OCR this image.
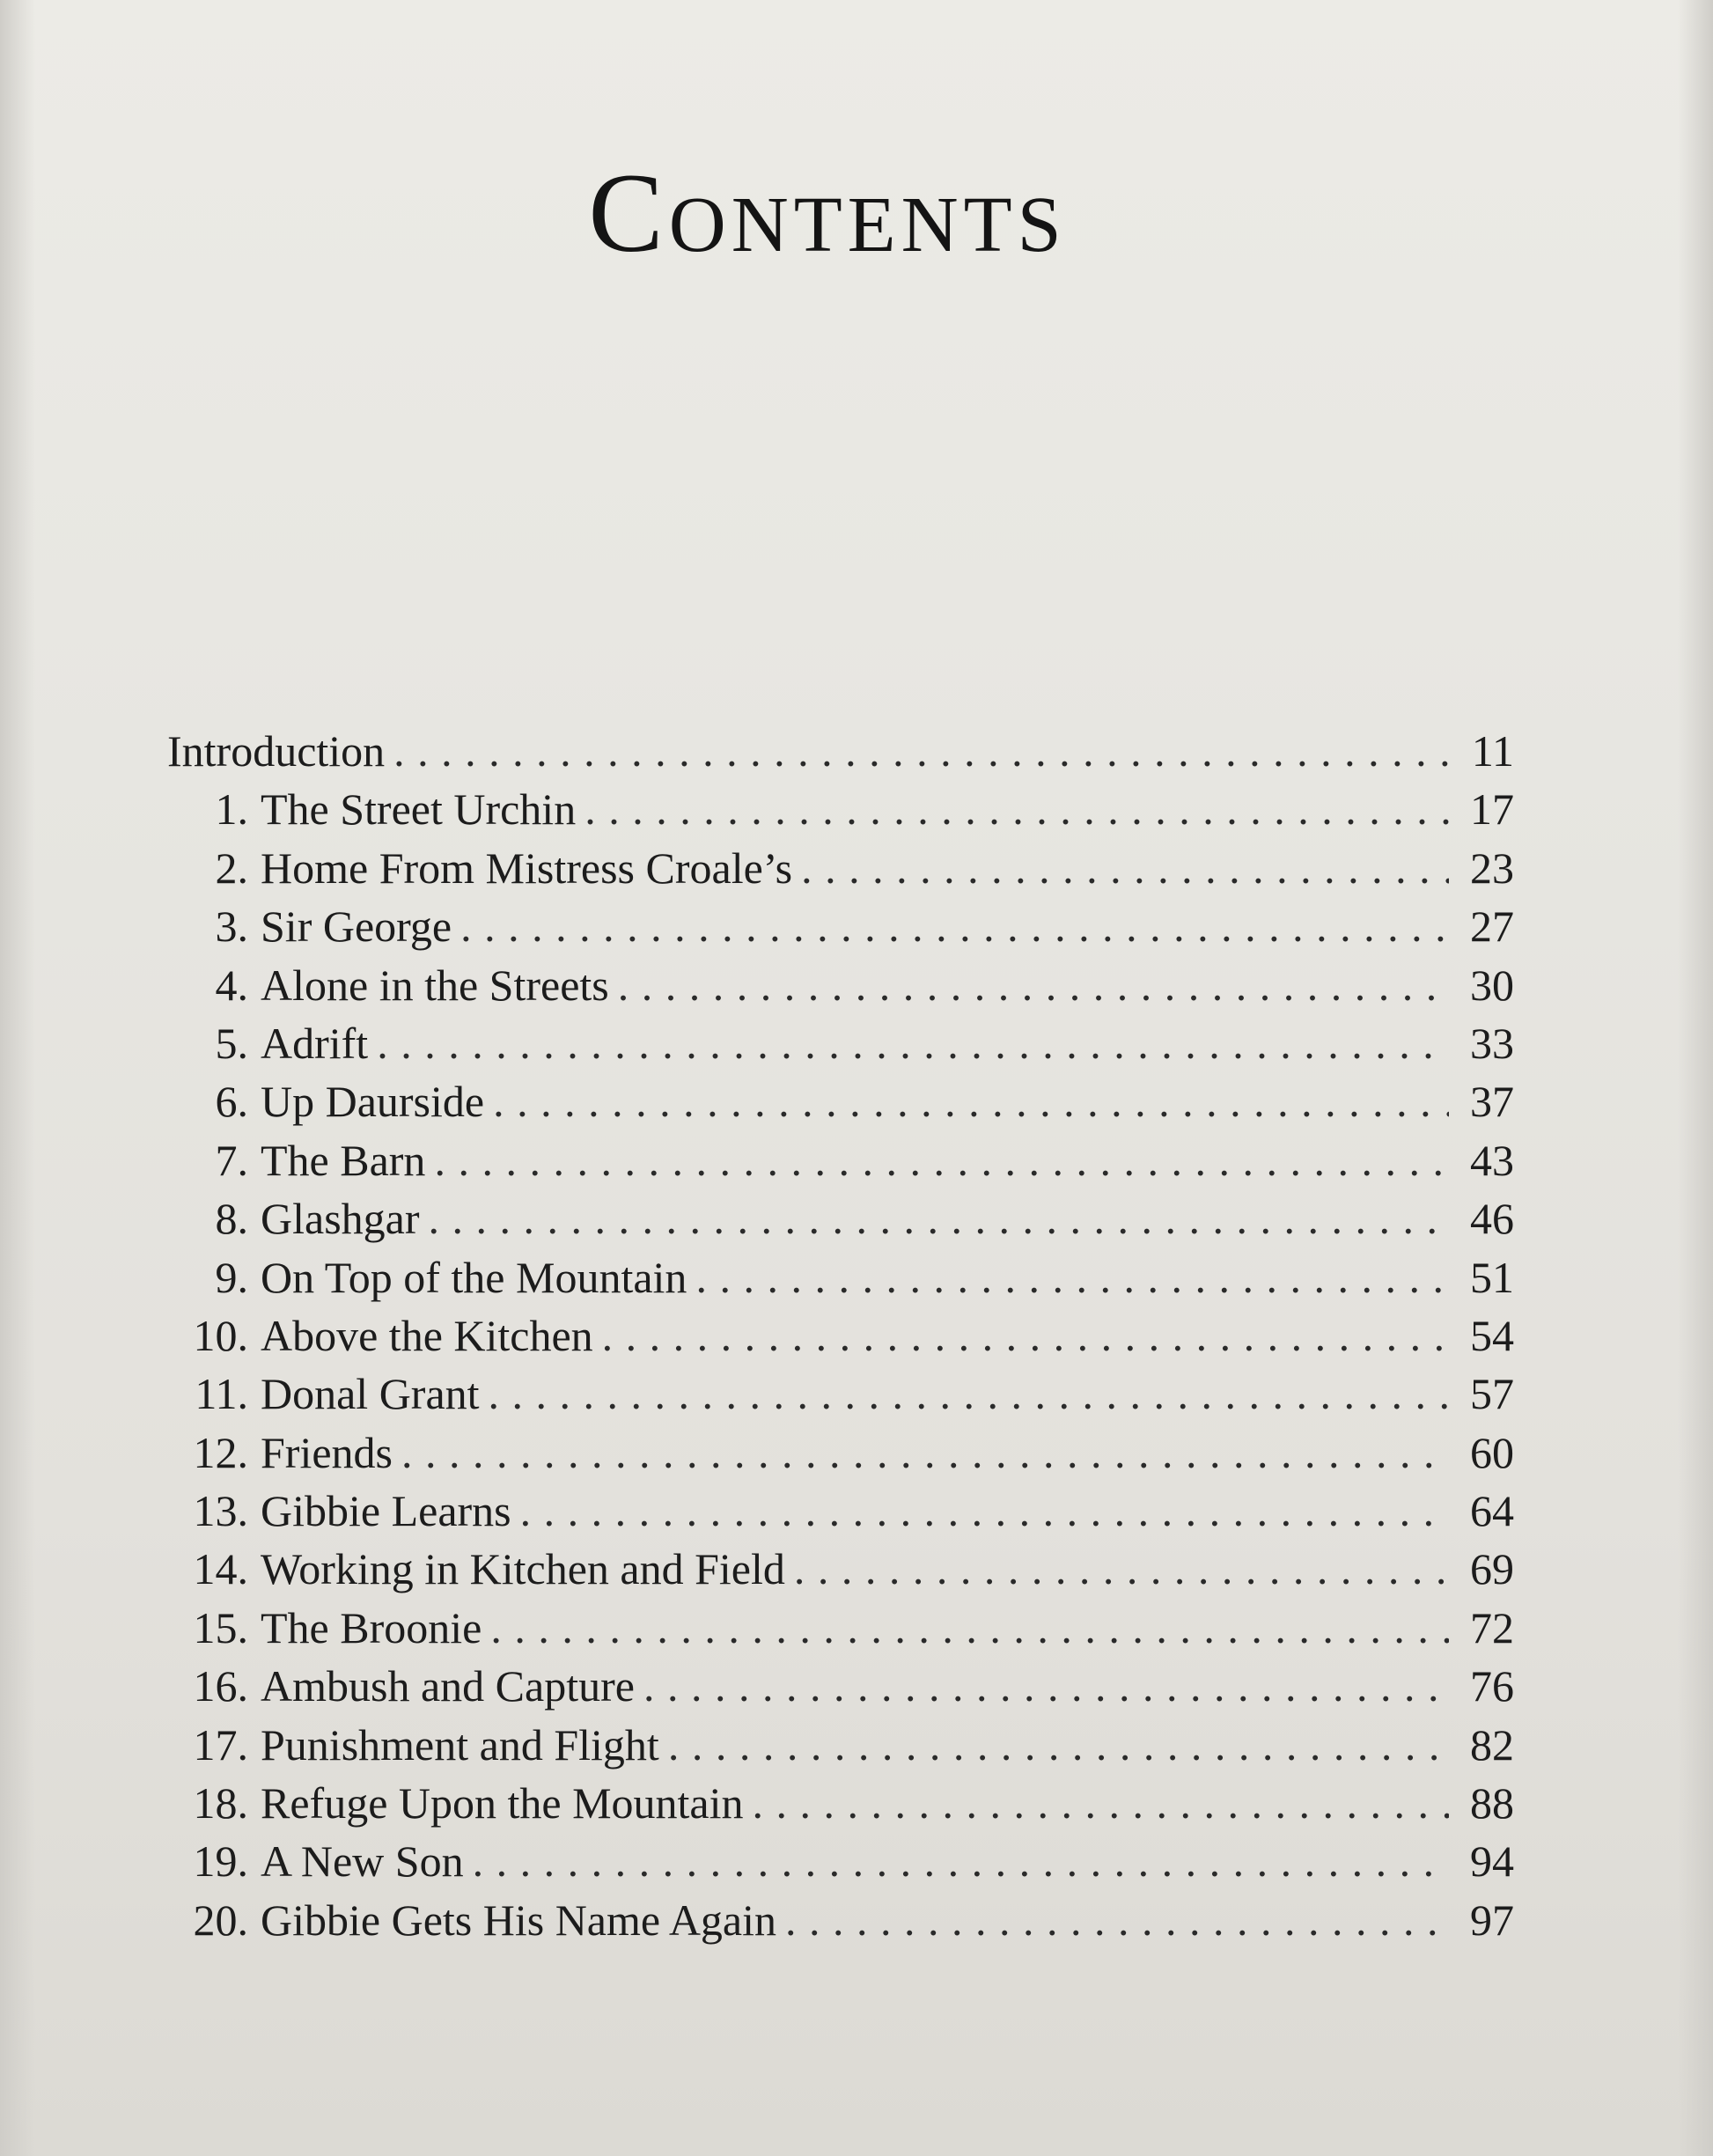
Contents
Introduction . . .	11
1. The Street Urchin . . .	17
2. Home From Mistress Croale’s . . .	23
3. Sir George . . .	27
4. Alone in the Streets . . .	30
5. Adrift . . .	33
6. Up Daurside . . .	37
7. The Barn . . .	43
8. Glashgar . . .	46
9. On Top of the Mountain . . .	51
10. Above the Kitchen . . .	54
11. Donal Grant . . .	57
12. Friends . . .	60
13. Gibbie Learns . . .	64
14. Working in Kitchen and Field . . .	69
15. The Broonie . . .	72
16. Ambush and Capture . . .	76
17. Punishment and Flight . . .	82
18. Refuge Upon the Mountain . . .	88
19. A New Son . . .	94
20. Gibbie Gets His Name Again . . .	97
